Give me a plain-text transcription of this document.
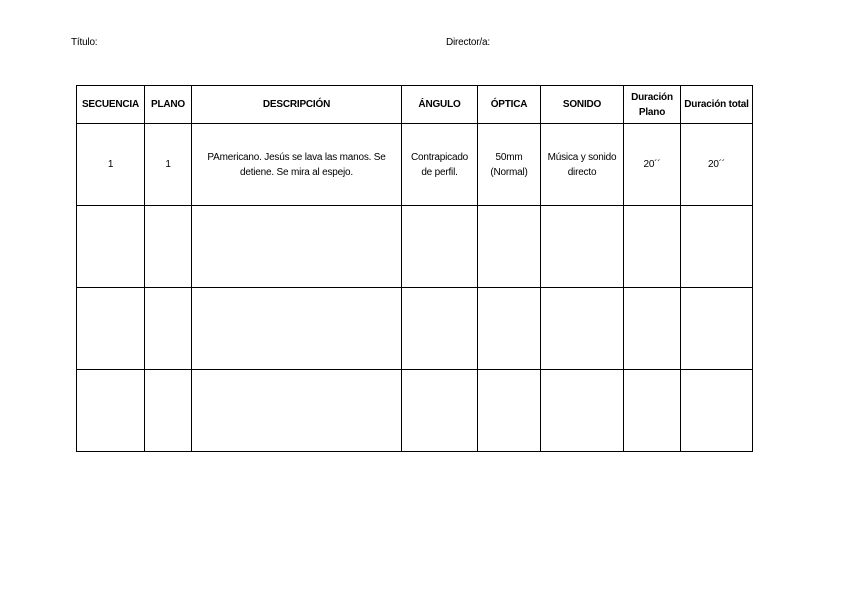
Título:	Director/a:
SECUENCIA	PLANO	DESCRIPCIÓN	ÁNGULO	ÓPTICA	SONIDO	Duración Plano	Duración total
1	1	PAmericano. Jesús se lava las manos. Se detiene. Se mira al espejo.	Contrapicado de perfil.	50mm (Normal)	Música y sonido directo	20´´	20´´
